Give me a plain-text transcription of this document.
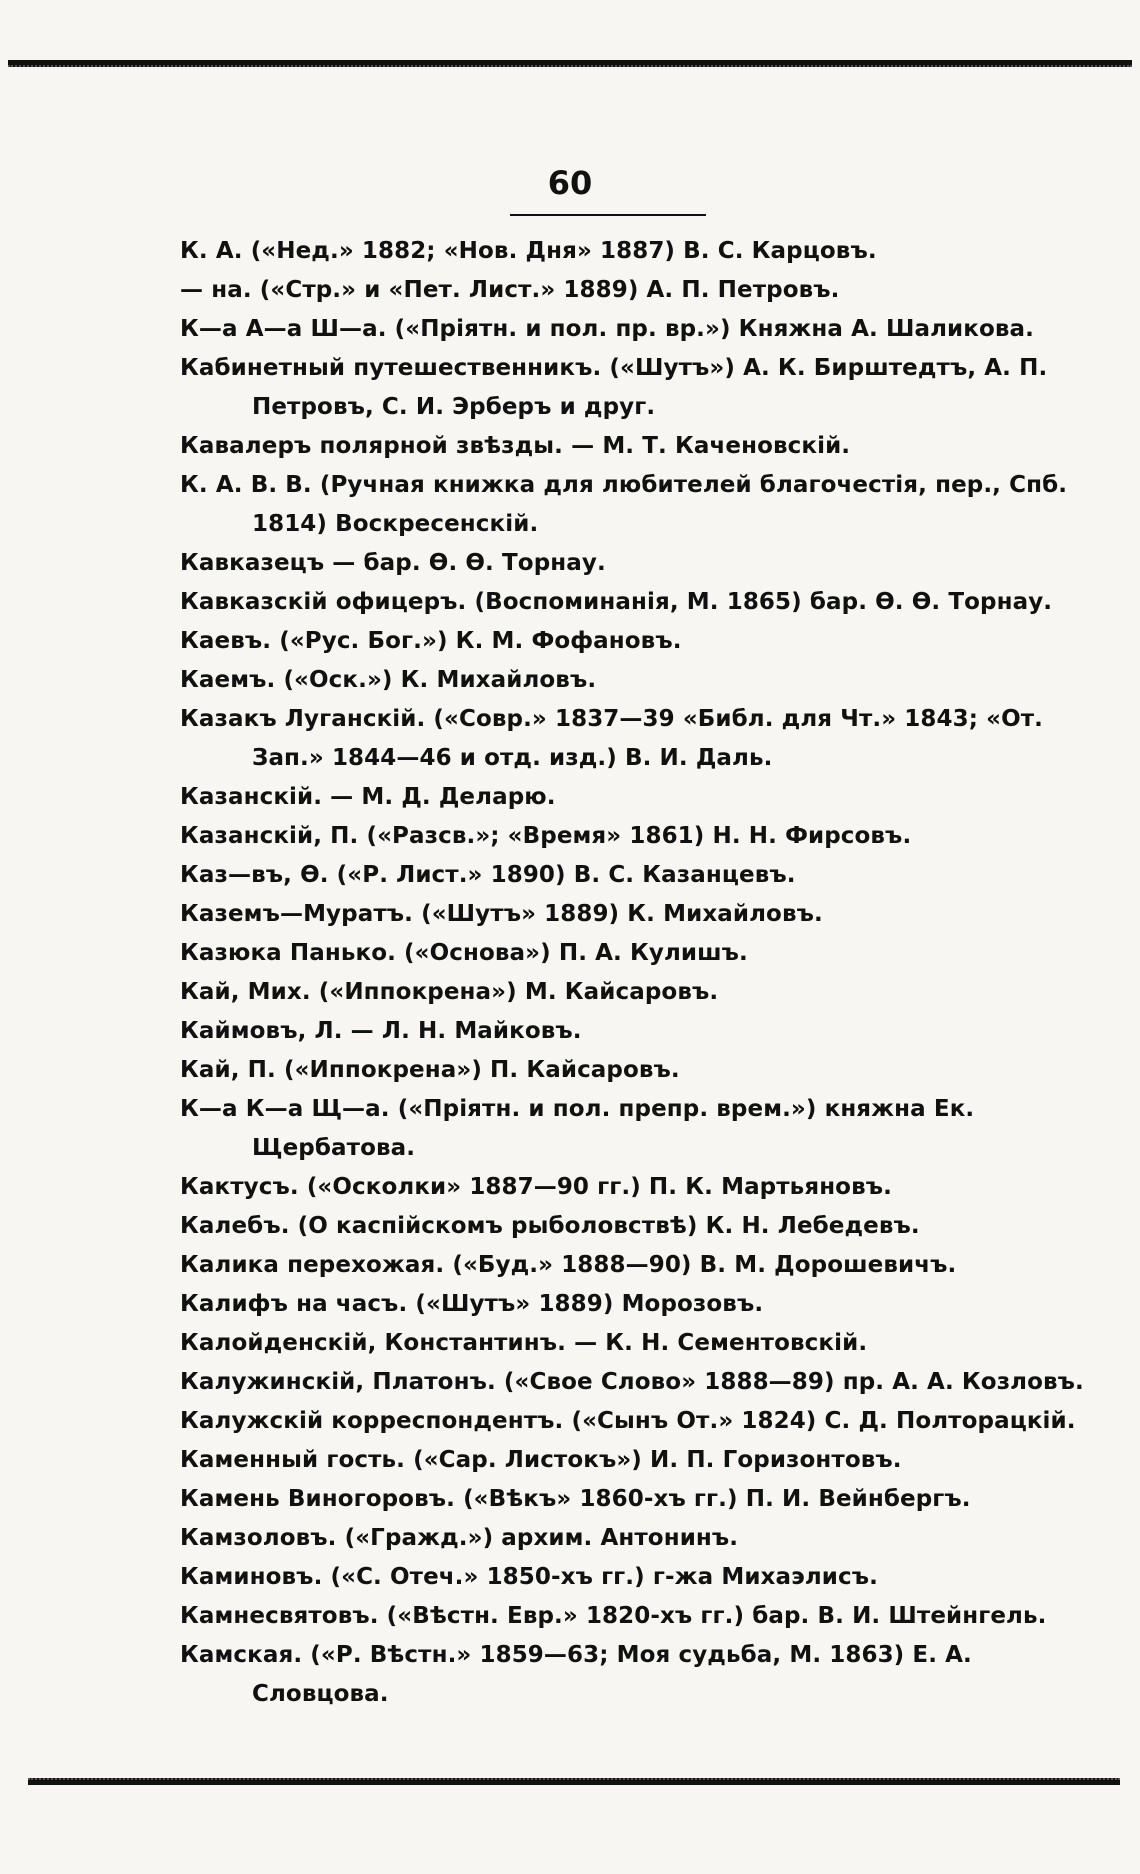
60
К. А. («Нед.» 1882; «Нов. Дня» 1887) В. С. Карцовъ.
— на. («Стр.» и «Пет. Лист.» 1889) А. П. Петровъ.
К—а А—а Ш—а. («Пріятн. и пол. пр. вр.») Княжна А. Шаликова.
Кабинетный путешественникъ. («Шутъ») А. К. Бирштедтъ, А. П. Петровъ, С. И. Эрберъ и друг.
Кавалеръ полярной звѣзды. — М. Т. Каченовскій.
К. А. В. В. (Ручная книжка для любителей благочестія, пер., Спб. 1814) Воскресенскій.
Кавказецъ — бар. Ѳ. Ѳ. Торнау.
Кавказскій офицеръ. (Воспоминанія, М. 1865) бар. Ѳ. Ѳ. Торнау.
Каевъ. («Рус. Бог.») К. М. Фофановъ.
Каемъ. («Оск.») К. Михайловъ.
Казакъ Луганскій. («Совр.» 1837—39 «Библ. для Чт.» 1843; «От. Зап.» 1844—46 и отд. изд.) В. И. Даль.
Казанскій. — М. Д. Деларю.
Казанскій, П. («Разсв.»; «Время» 1861) Н. Н. Фирсовъ.
Каз—въ, Ѳ. («Р. Лист.» 1890) В. С. Казанцевъ.
Каземъ—Муратъ. («Шутъ» 1889) К. Михайловъ.
Казюка Панько. («Основа») П. А. Кулишъ.
Кай, Мих. («Иппокрена») М. Кайсаровъ.
Каймовъ, Л. — Л. Н. Майковъ.
Кай, П. («Иппокрена») П. Кайсаровъ.
К—а К—а Щ—а. («Пріятн. и пол. препр. врем.») княжна Ек. Щербатова.
Кактусъ. («Осколки» 1887—90 гг.) П. К. Мартьяновъ.
Калебъ. (О каспійскомъ рыболовствѣ) К. Н. Лебедевъ.
Калика перехожая. («Буд.» 1888—90) В. М. Дорошевичъ.
Калифъ на часъ. («Шутъ» 1889) Морозовъ.
Калойденскій, Константинъ. — К. Н. Сементовскій.
Калужинскій, Платонъ. («Свое Слово» 1888—89) пр. А. А. Козловъ.
Калужскій корреспондентъ. («Сынъ От.» 1824) С. Д. Полторацкій.
Каменный гость. («Сар. Листокъ») И. П. Горизонтовъ.
Камень Виногоровъ. («Вѣкъ» 1860-хъ гг.) П. И. Вейнбергъ.
Камзоловъ. («Гражд.») архим. Антонинъ.
Каминовъ. («С. Отеч.» 1850-хъ гг.) г-жа Михаэлисъ.
Камнесвятовъ. («Вѣстн. Евр.» 1820-хъ гг.) бар. В. И. Штейнгель.
Камская. («Р. Вѣстн.» 1859—63; Моя судьба, М. 1863) Е. А. Словцова.
